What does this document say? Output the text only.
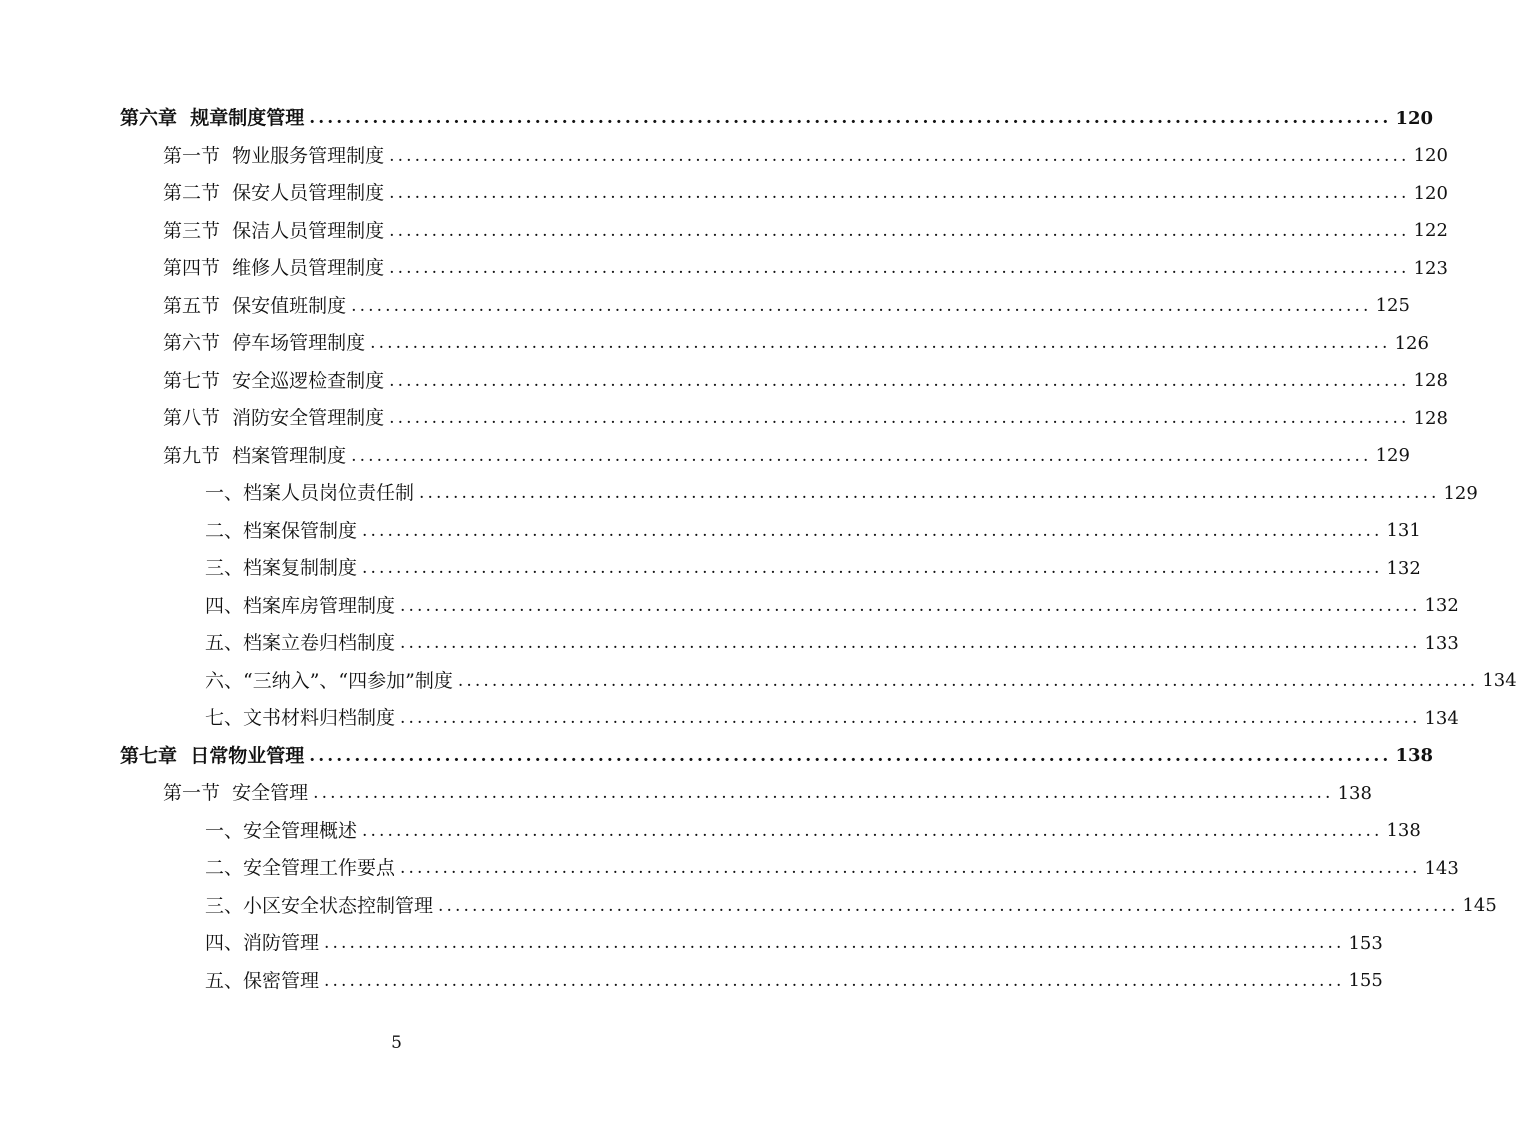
第六章  规章制度管理 ........................................................................................................................ 120
第一节  物业服务管理制度 ........................................................................................................................ 120
第二节  保安人员管理制度 ........................................................................................................................ 120
第三节  保洁人员管理制度 ........................................................................................................................ 122
第四节  维修人员管理制度 ........................................................................................................................ 123
第五节  保安值班制度 ........................................................................................................................ 125
第六节  停车场管理制度 ........................................................................................................................ 126
第七节  安全巡逻检查制度 ........................................................................................................................ 128
第八节  消防安全管理制度 ........................................................................................................................ 128
第九节  档案管理制度 ........................................................................................................................ 129
一、档案人员岗位责任制 ........................................................................................................................ 129
二、档案保管制度 ........................................................................................................................ 131
三、档案复制制度 ........................................................................................................................ 132
四、档案库房管理制度 ........................................................................................................................ 132
五、档案立卷归档制度 ........................................................................................................................ 133
六、“三纳入”、“四参加”制度 ........................................................................................................................ 134
七、文书材料归档制度 ........................................................................................................................ 134
第七章  日常物业管理 ........................................................................................................................ 138
第一节  安全管理 ........................................................................................................................ 138
一、安全管理概述 ........................................................................................................................ 138
二、安全管理工作要点 ........................................................................................................................ 143
三、小区安全状态控制管理 ........................................................................................................................ 145
四、消防管理 ........................................................................................................................ 153
五、保密管理 ........................................................................................................................ 155
5
